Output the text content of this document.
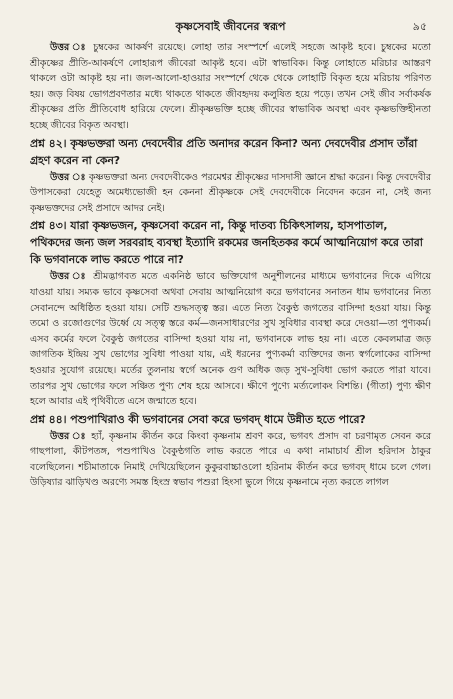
কৃষ্ণসেবাই জীবনের স্বরূপ	৯৫

উত্তর ঃ চুম্বকের আকর্ষণ রয়েছে। লোহা তার সংস্পর্শে এলেই সহজে আকৃষ্ট হবে। চুম্বকের মতো শ্রীকৃষ্ণের প্রীতি-আকর্ষণে লোহারূপ জীবেরা আকৃষ্ট হবে। এটা স্বাভাবিক। কিন্তু লোহাতে মরিচার আস্তরণ থাকলে ওটা আকৃষ্ট হয় না। জল-আলো-হাওয়ার সংস্পর্শে থেকে থেকে লোহাটি বিকৃত হয়ে মরিচায় পরিণত হয়। জড় বিষয় ভোগপ্রবণতার মধ্যে থাকতে থাকতে জীবহৃদয় কলুষিত হয়ে পড়ে। তখন সেই জীব সর্বাকর্ষক শ্রীকৃষ্ণের প্রতি প্রীতিবোধ হারিয়ে ফেলে। শ্রীকৃষ্ণভক্তি হচ্ছে জীবের স্বাভাবিক অবস্থা এবং কৃষ্ণভক্তিহীনতা হচ্ছে জীবের বিকৃত অবস্থা।

প্রশ্ন ৪২। কৃষ্ণভক্তরা অন্য দেবদেবীর প্রতি অনাদর করেন কিনা? অন্য দেবদেবীর প্রসাদ তাঁরা গ্রহণ করেন না কেন?

উত্তর ঃ কৃষ্ণভক্তরা অন্য দেবদেবীকেও পরমেশ্বর শ্রীকৃষ্ণের দাসদাসী জ্ঞানে শ্রদ্ধা করেন। কিন্তু দেবদেবীর উপাসকেরা যেহেতু অমেধ্যভোজী হন কেননা শ্রীকৃষ্ণকে সেই দেবদেবীকে নিবেদন করেন না, সেই জন্য কৃষ্ণভক্তদের সেই প্রসাদে আদর নেই।

প্রশ্ন ৪৩। যারা কৃষ্ণভজন, কৃষ্ণসেবা করেন না, কিন্তু দাতব্য চিকিৎসালয়, হাসপাতাল, পথিকদের জন্য জল সরবরাহ ব্যবস্থা ইত্যাদি রকমের জনহিতকর কর্মে আত্মনিয়োগ করে তারা কি ভগবানকে লাভ করতে পারে না?

উত্তর ঃ শ্রীমদ্ভাগবত মতে একনিষ্ঠ ভাবে ভক্তিযোগ অনুশীলনের মাধ্যমে ভগবানের দিকে এগিয়ে যাওয়া যায়। সম্যক ভাবে কৃষ্ণসেবা অথবা সেবায় আত্মনিয়োগ করে ভগবানের সনাতন ধাম ভগবানের নিত্য সেবানন্দে অধিষ্ঠিত হওয়া যায়। সেটি শুদ্ধসত্ত্ব স্তর। এতে নিত্য বৈকুণ্ঠ জগতের বাসিন্দা হওয়া যায়। কিন্তু তমো ও রজোগুণের উর্ধ্বে যে সত্ত্ব স্তরে কর্ম—জনসাধারণের সুখ সুবিধার ব্যবস্থা করে দেওয়া—তা পুণ্যকর্ম। এসব কর্মের ফলে বৈকুণ্ঠ জগতের বাসিন্দা হওয়া যায় না, ভগবানকে লাভ হয় না। এতে কেবলমাত্র জড় জাগতিক ইন্দ্রিয় সুখ ভোগের সুবিধা পাওয়া যায়, এই ধরনের পুণ্যকর্মা ব্যক্তিদের জন্য স্বর্গলোকের বাসিন্দা হওয়ার সুযোগ রয়েছে। মর্তের তুলনায় স্বর্গে অনেক গুণ অধিক জড় সুখ-সুবিধা ভোগ করতে পারা যাবে। তারপর সুখ ভোগের ফলে সঞ্চিত পুণ্য শেষ হয়ে আসবে। ক্ষীণে পুণ্যে মর্ত্যলোকং বিশন্তি। (গীতা) পুণ্য ক্ষীণ হলে আবার এই পৃথিবীতে এসে জন্মাতে হবে।

প্রশ্ন ৪৪। পশুপাখিরাও কী ভগবানের সেবা করে ভগবদ্ ধামে উন্নীত হতে পারে?

উত্তর ঃ হ্যাঁ, কৃষ্ণনাম কীর্তন করে কিংবা কৃষ্ণনাম শ্রবণ করে, ভগবৎ প্রসাদ বা চরণামৃত সেবন করে গাছপালা, কীটপতঙ্গ, পশুপাখিও বৈকুণ্ঠগতি লাভ করতে পারে এ কথা নামাচার্য শ্রীল হরিদাস ঠাকুর বলেছিলেন। শচীমাতাকে নিমাই দেখিয়েছিলেন কুকুরবাচ্চাওলো হরিনাম কীর্তন করে ভগবদ্ ধামে চলে গেল। উড়িষ্যার ঝাড়িখণ্ড অরণ্যে সমস্ত হিংস্র স্বভাব পশুরা হিংসা ভুলে গিয়ে কৃষ্ণনামে নৃত্য করতে লাগল
